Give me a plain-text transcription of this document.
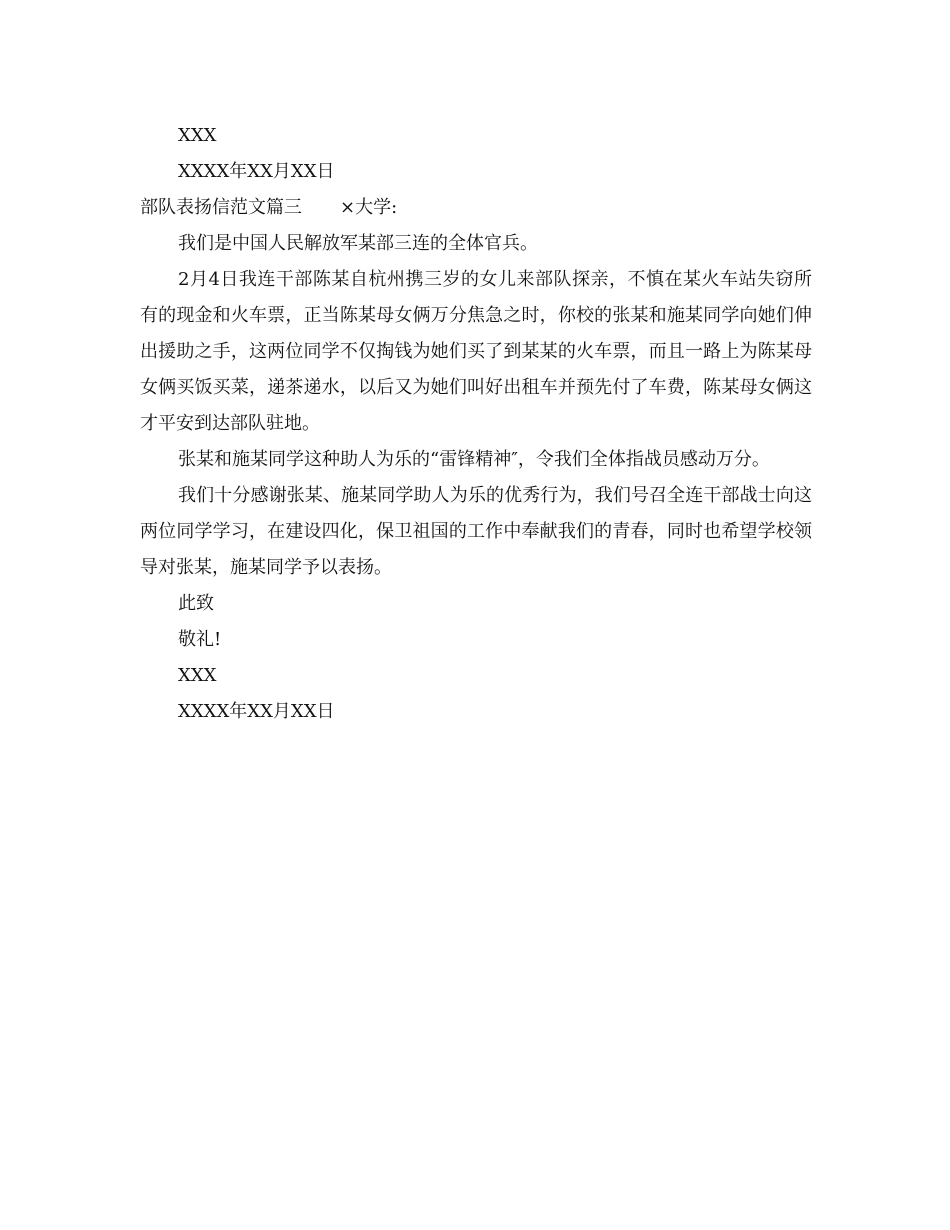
XXX
XXXX年XX月XX日
部队表扬信范文篇三 ×大学:
我们是中国人民解放军某部三连的全体官兵。
2月4日我连干部陈某自杭州携三岁的女儿来部队探亲，不慎在某火车站失窃所有的现金和火车票，正当陈某母女俩万分焦急之时，你校的张某和施某同学向她们伸出援助之手，这两位同学不仅掏钱为她们买了到某某的火车票，而且一路上为陈某母女俩买饭买菜，递茶递水，以后又为她们叫好出租车并预先付了车费，陈某母女俩这才平安到达部队驻地。
张某和施某同学这种助人为乐的“雷锋精神″，令我们全体指战员感动万分。
我们十分感谢张某、施某同学助人为乐的优秀行为，我们号召全连干部战士向这两位同学学习，在建设四化，保卫祖国的工作中奉献我们的青春，同时也希望学校领导对张某，施某同学予以表扬。
此致
敬礼!
XXX
XXXX年XX月XX日
